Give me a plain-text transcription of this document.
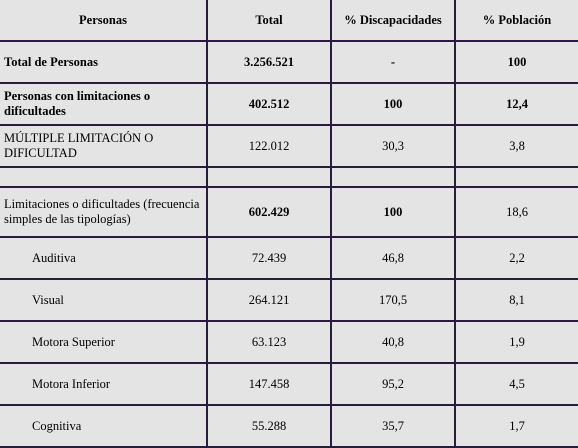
Personas	Total	% Discapacidades	% Población
Total de Personas	3.256.521	-	100
Personas con limitaciones o dificultades	402.512	100	12,4
MÚLTIPLE LIMITACIÓN O DIFICULTAD	122.012	30,3	3,8

Limitaciones o dificultades (frecuencia simples de las tipologías)	602.429	100	18,6
Auditiva	72.439	46,8	2,2
Visual	264.121	170,5	8,1
Motora Superior	63.123	40,8	1,9
Motora Inferior	147.458	95,2	4,5
Cognitiva	55.288	35,7	1,7
